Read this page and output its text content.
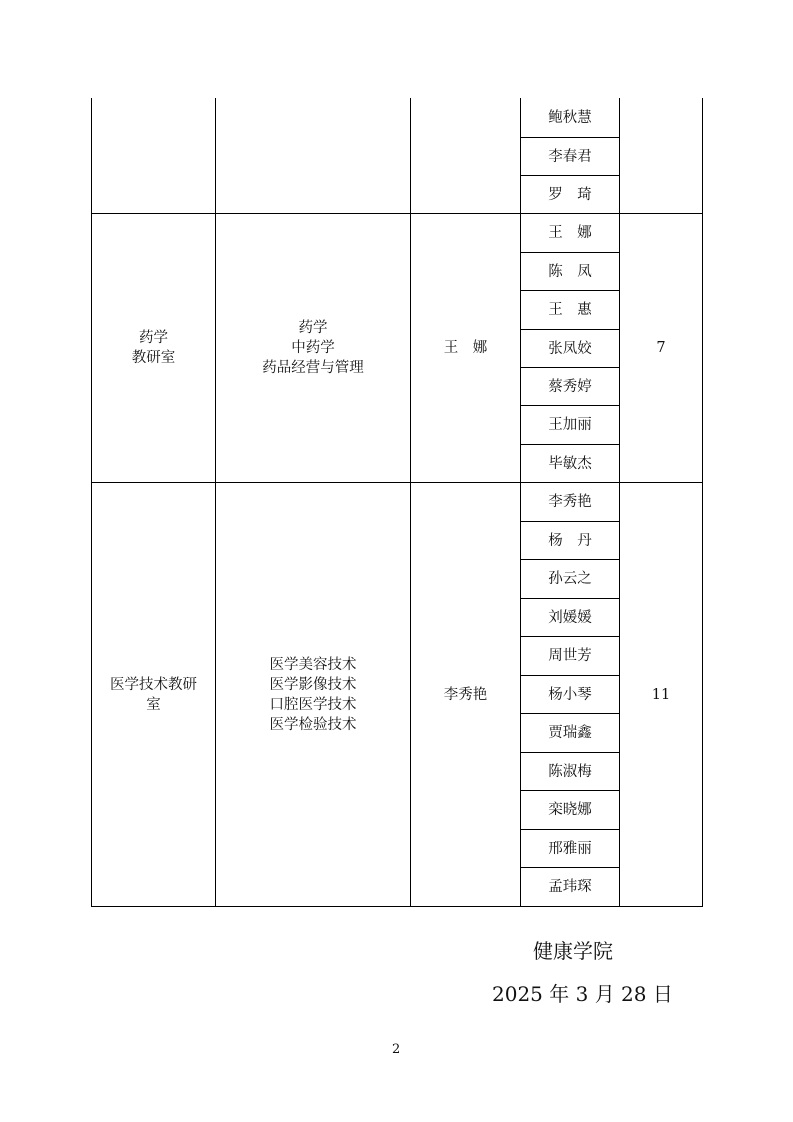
鲍秋慧
李春君
罗　琦
药学
教研室
药学
中药学
药品经营与管理
王　娜
王　娜
陈　凤
王　惠
张凤姣
蔡秀婷
王加丽
毕敏杰
7
医学技术教研
室
医学美容技术
医学影像技术
口腔医学技术
医学检验技术
李秀艳
李秀艳
杨　丹
孙云之
刘媛媛
周世芳
杨小琴
贾瑞鑫
陈淑梅
栾晓娜
邢雅丽
孟玮琛
11
健康学院
2025 年 3 月 28 日
2
